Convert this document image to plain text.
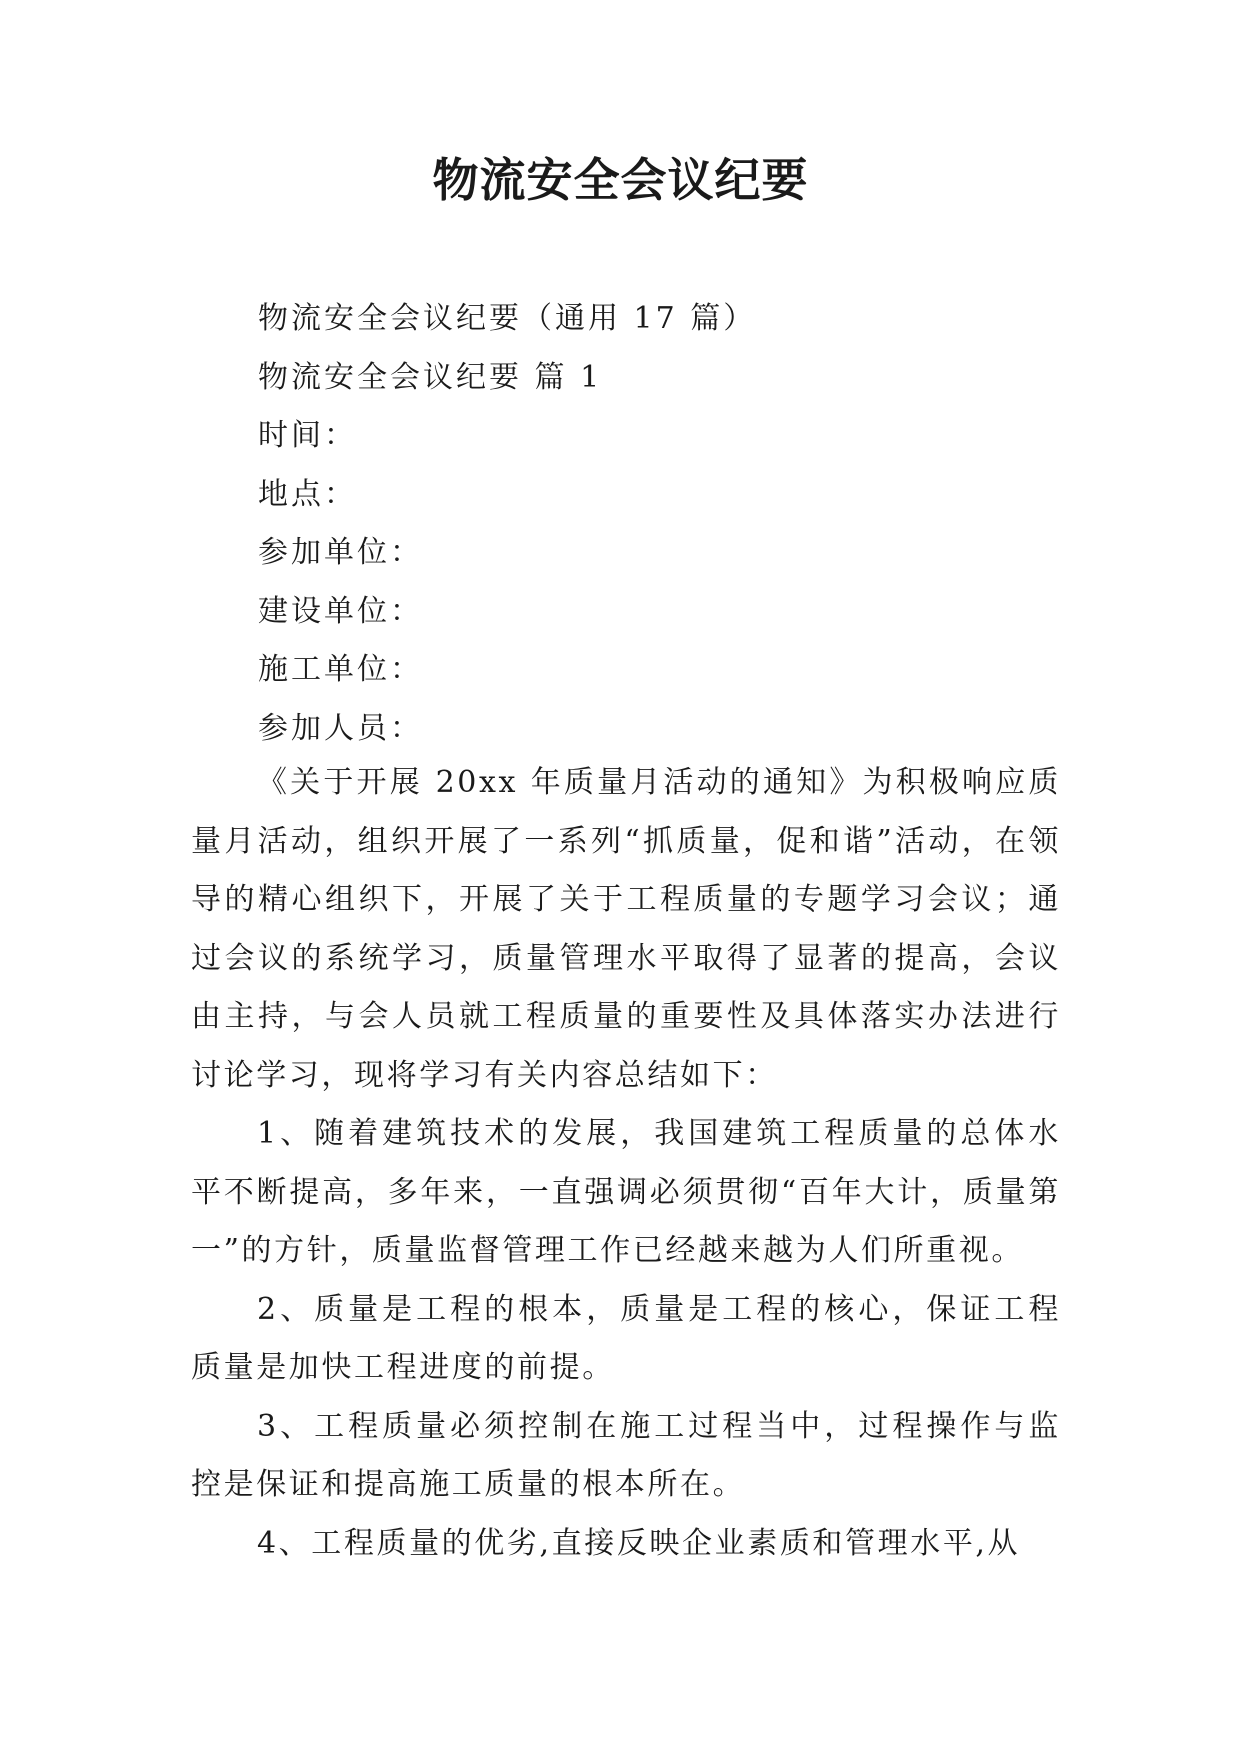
物流安全会议纪要
物流安全会议纪要（通用 17 篇）
物流安全会议纪要 篇 1
时间：
地点：
参加单位：
建设单位：
施工单位：
参加人员：

《关于开展 20xx 年质量月活动的通知》为积极响应质量月活动，组织开展了一系列“抓质量，促和谐”活动，在领导的精心组织下，开展了关于工程质量的专题学习会议；通过会议的系统学习，质量管理水平取得了显著的提高，会议由主持，与会人员就工程质量的重要性及具体落实办法进行讨论学习，现将学习有关内容总结如下：

1、随着建筑技术的发展，我国建筑工程质量的总体水平不断提高，多年来，一直强调必须贯彻“百年大计，质量第一”的方针，质量监督管理工作已经越来越为人们所重视。

2、质量是工程的根本，质量是工程的核心，保证工程质量是加快工程进度的前提。

3、工程质量必须控制在施工过程当中，过程操作与监控是保证和提高施工质量的根本所在。

4、工程质量的优劣,直接反映企业素质和管理水平,从
